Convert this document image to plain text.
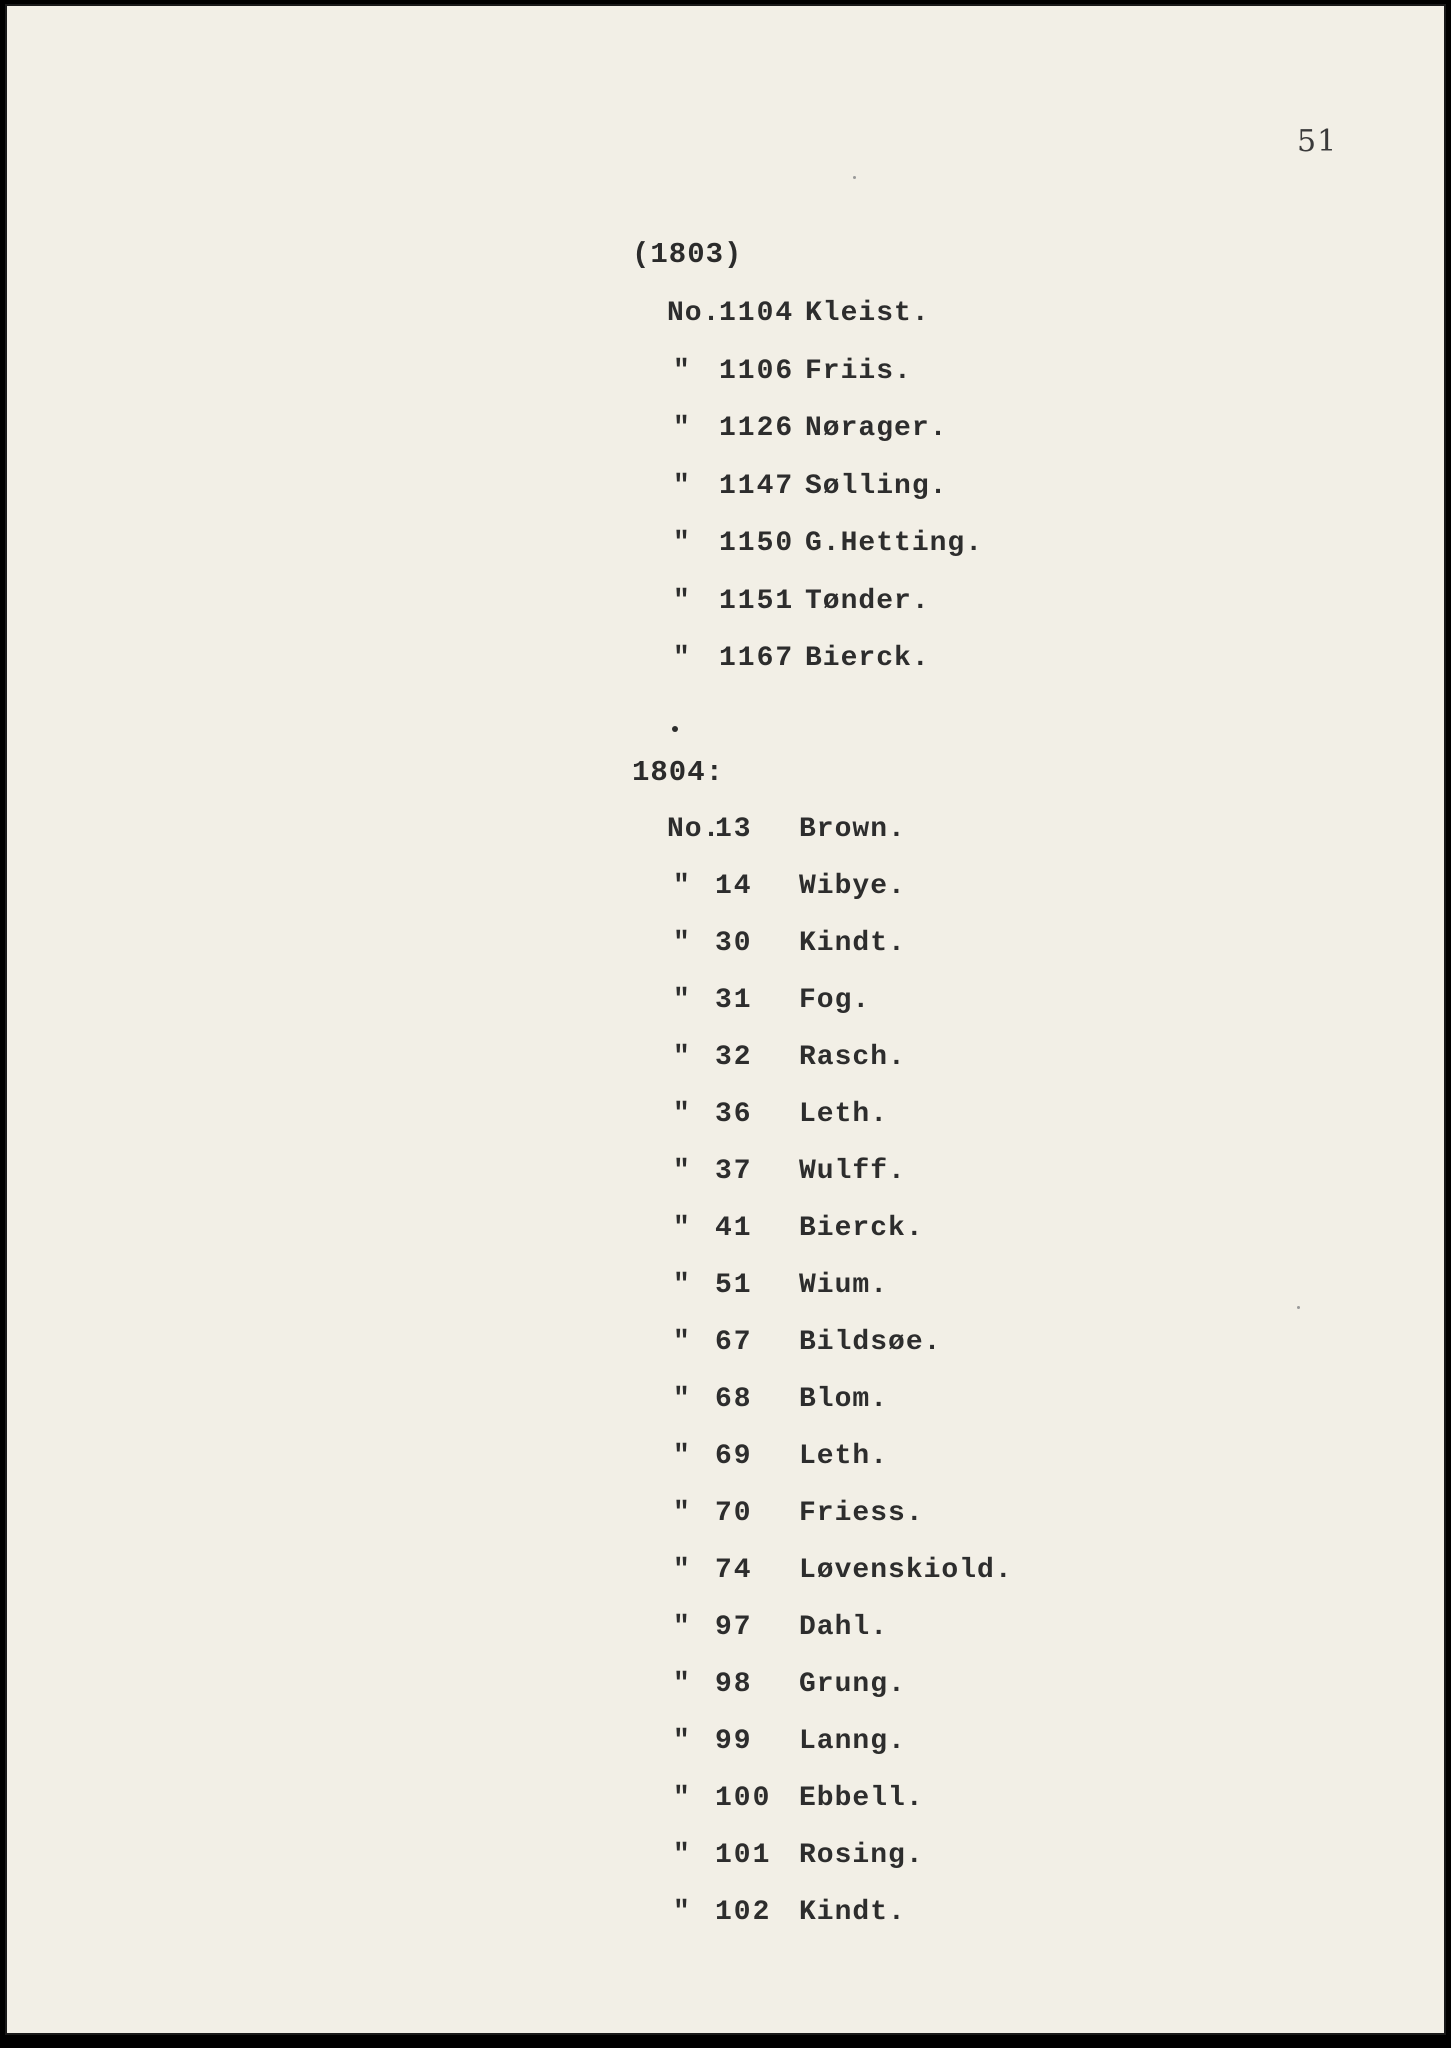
51
(1803)
No.
1104 Kleist.
" 1106 Friis.
" 1126 Nørager.
" 1147 Sølling.
" 1150 G.Hetting.
" 1151 Tønder.
" 1167 Bierck.
1804:
No.
13 Brown.
" 14 Wibye.
" 30 Kindt.
" 31 Fog.
" 32 Rasch.
" 36 Leth.
" 37 Wulff.
" 41 Bierck.
" 51 Wium.
" 67 Bildsøe.
" 68 Blom.
" 69 Leth.
" 70 Friess.
" 74 Løvenskiold.
" 97 Dahl.
" 98 Grung.
" 99 Lanng.
" 100 Ebbell.
" 101 Rosing.
" 102 Kindt.
